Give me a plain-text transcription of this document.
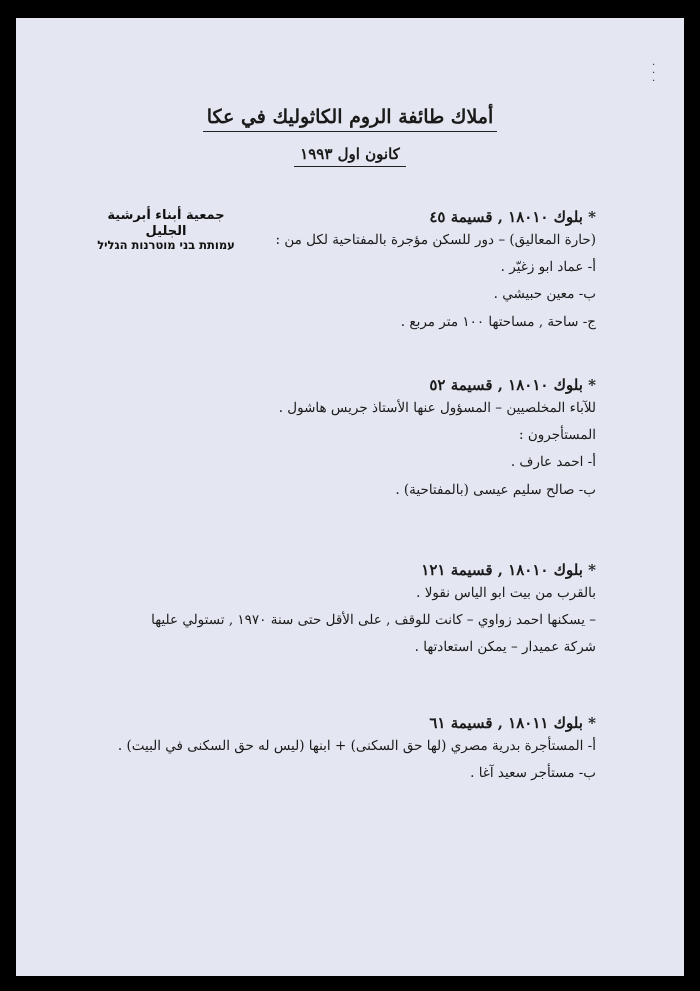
·
·
·
أملاك طائفة الروم الكاثوليك في عكا
كانون اول ١٩٩٣
جمعية أبناء أبرشية الجليل
עמותת בני מוטרנות הגליל
* بلوك ١٨٠١٠ , قسيمة ٤٥
(حارة المعاليق) – دور للسكن مؤجرة بالمفتاحية لكل من :
أ- عماد ابو زغيّر .
ب- معين حبيشي .
ج- ساحة , مساحتها ١٠٠ متر مربع .
* بلوك ١٨٠١٠ , قسيمة ٥٢
للآباء المخلصيين – المسؤول عنها الأستاذ جريس هاشول .
المستأجرون :
أ- احمد عارف .
ب- صالح سليم عيسى (بالمفتاحية) .
* بلوك ١٨٠١٠ , قسيمة ١٢١
بالقرب من بيت ابو الياس نقولا .
– يسكنها احمد زواوي – كانت للوقف , على الأقل حتى سنة ١٩٧٠ , تستولي عليها
شركة عميدار – يمكن استعادتها .
* بلوك ١٨٠١١ , قسيمة ٦١
أ- المستأجرة بدرية مصري (لها حق السكنى) + ابنها (ليس له حق السكنى في البيت) .
ب- مستأجر سعيد آغا .
